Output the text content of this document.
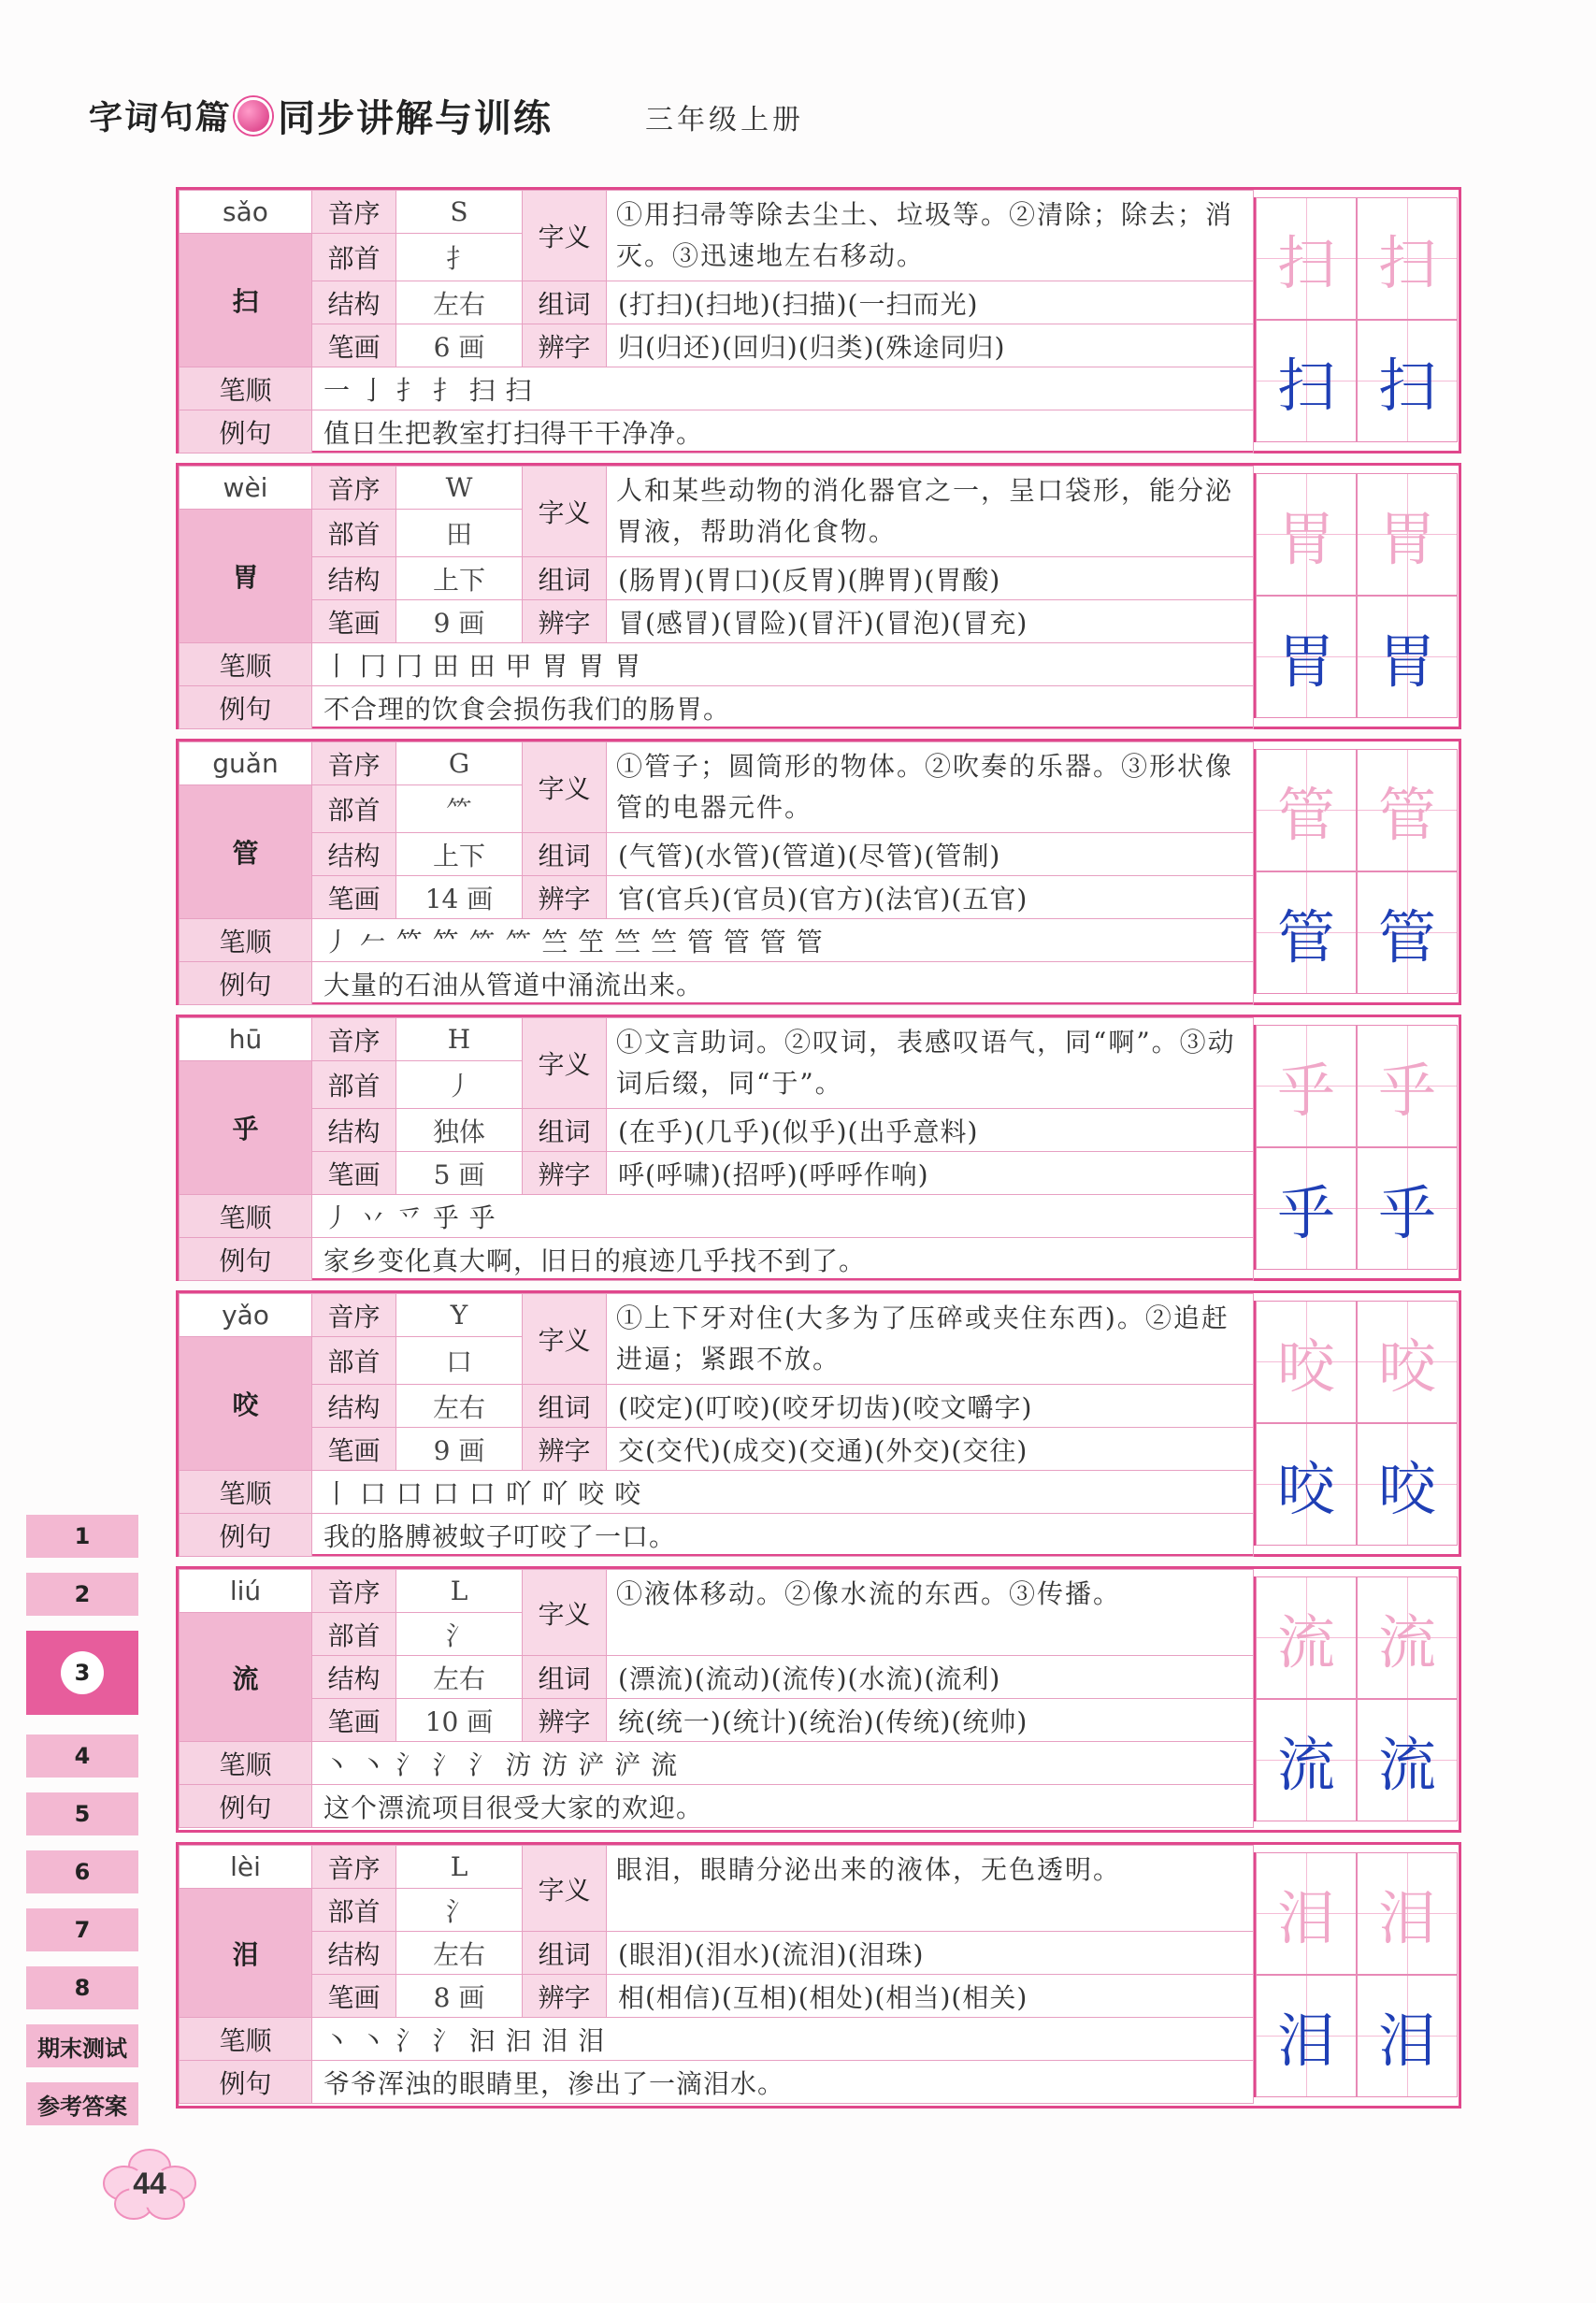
字
词
句
篇 同步讲解与训练	三年级上册
sǎo	音序	S	字义	①用扫帚等除去尘土、垃圾等。②清除；除去；消灭。③迅速地左右移动。
扫	部首	扌		
	结构	左右	组词	(打扫)(扫地)(扫描)(一扫而光)
	笔画	6 画	辨字	归(归还)(回归)(归类)(殊途同归)
笔顺	一 亅 扌 扌 扫 扫			
例句	值日生把教室打扫得干干净净。			
扫 扫
扫 扫
wèi	音序	W	字义	人和某些动物的消化器官之一，呈口袋形，能分泌胃液，帮助消化食物。
胃	部首	田		
	结构	上下	组词	(肠胃)(胃口)(反胃)(脾胃)(胃酸)
	笔画	9 画	辨字	冒(感冒)(冒险)(冒汗)(冒泡)(冒充)
笔顺	丨 冂 冂 田 田 甲 胃 胃 胃			
例句	不合理的饮食会损伤我们的肠胃。			
胃 胃
胃 胃
guǎn	音序	G	字义	①管子；圆筒形的物体。②吹奏的乐器。③形状像管的电器元件。
管	部首	⺮		
	结构	上下	组词	(气管)(水管)(管道)(尽管)(管制)
	笔画	14 画	辨字	官(官兵)(官员)(官方)(法官)(五官)
笔顺	丿 𠂉 𥫗 𥫗 ⺮ ⺮ 竺 笁 竺 竺 管 管 管 管			
例句	大量的石油从管道中涌流出来。			
管 管
管 管
hū	音序	H	字义	①文言助词。②叹词，表感叹语气，同“啊”。③动词后缀，同“于”。
乎	部首	丿		
	结构	独体	组词	(在乎)(几乎)(似乎)(出乎意料)
	笔画	5 画	辨字	呼(呼啸)(招呼)(呼呼作响)
笔顺	丿 丷 乊 乎 乎			
例句	家乡变化真大啊，旧日的痕迹几乎找不到了。			
乎 乎
乎 乎
yǎo	音序	Y	字义	①上下牙对住(大多为了压碎或夹住东西)。②追赶进逼；紧跟不放。
咬	部首	口		
	结构	左右	组词	(咬定)(叮咬)(咬牙切齿)(咬文嚼字)
	笔画	9 画	辨字	交(交代)(成交)(交通)(外交)(交往)
笔顺	丨 口 口 口 口 吖 吖 咬 咬			
例句	我的胳膊被蚊子叮咬了一口。			
咬 咬
咬 咬
liú	音序	L	字义	①液体移动。②像水流的东西。③传播。
流	部首	氵		
	结构	左右	组词	(漂流)(流动)(流传)(水流)(流利)
	笔画	10 画	辨字	统(统一)(统计)(统治)(传统)(统帅)
笔顺	丶 丶 氵 氵 氵 汸 汸 浐 浐 流			
例句	这个漂流项目很受大家的欢迎。			
流 流
流 流
lèi	音序	L	字义	眼泪，眼睛分泌出来的液体，无色透明。
泪	部首	氵		
	结构	左右	组词	(眼泪)(泪水)(流泪)(泪珠)
	笔画	8 画	辨字	相(相信)(互相)(相处)(相当)(相关)
笔顺	丶 丶 氵 氵 汩 汩 泪 泪			
例句	爷爷浑浊的眼睛里，渗出了一滴泪水。			
泪 泪
泪 泪
1
2
3
4
5
6
7
8
期末测试
参考答案
44
